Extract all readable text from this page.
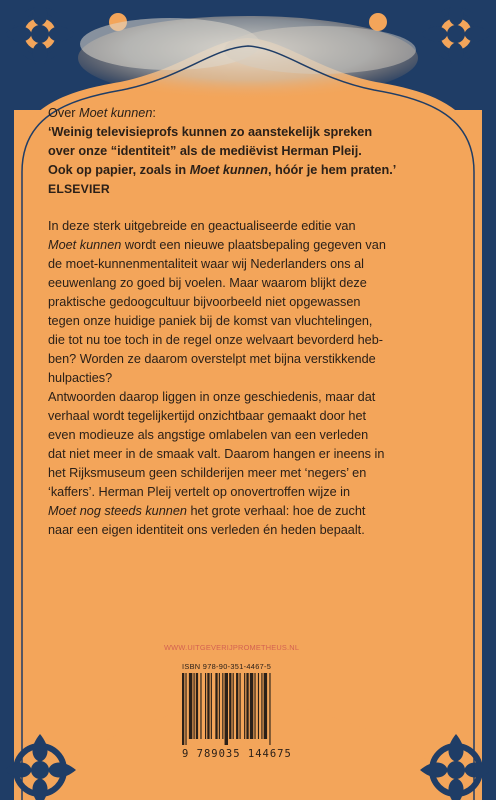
Over Moet kunnen:

‘Weinig televisieprofs kunnen zo aanstekelijk spreken

over onze “identiteit” als de mediëvist Herman Pleij.

Ook op papier, zoals in Moet kunnen, hóór je hem praten.’

ELSEVIER

In deze sterk uitgebreide en geactualiseerde editie van

Moet kunnen wordt een nieuwe plaatsbepaling gegeven van

de moet-kunnenmentaliteit waar wij Nederlanders ons al

eeuwenlang zo goed bij voelen. Maar waarom blijkt deze

praktische gedoogcultuur bijvoorbeeld niet opgewassen

tegen onze huidige paniek bij de komst van vluchtelingen,

die tot nu toe toch in de regel onze welvaart bevorderd heb-

ben? Worden ze daarom overstelpt met bijna verstikkende

hulpacties?

Antwoorden daarop liggen in onze geschiedenis, maar dat

verhaal wordt tegelijkertijd onzichtbaar gemaakt door het

even modieuze als angstige omlabelen van een verleden

dat niet meer in de smaak valt. Daarom hangen er ineens in

het Rijksmuseum geen schilderijen meer met ‘negers’ en

‘kaffers’. Herman Pleij vertelt op onovertroffen wijze in

Moet nog steeds kunnen het grote verhaal: hoe de zucht

naar een eigen identiteit ons verleden én heden bepaalt.

WWW.UITGEVERIJPROMETHEUS.NL
ISBN 978-90-351-4467-5
9 789035 144675
